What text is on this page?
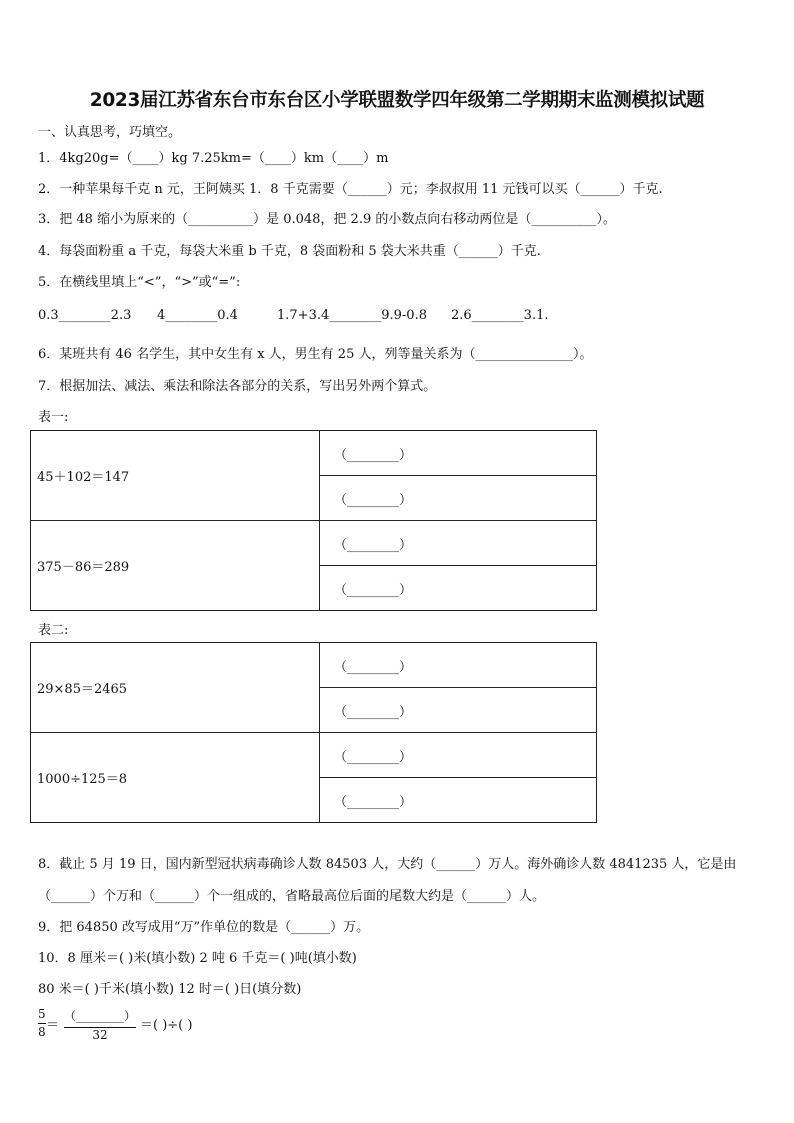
2023届江苏省东台市东台区小学联盟数学四年级第二学期期末监测模拟试题
一、认真思考，巧填空。
1．4kg20g=（____）kg 7.25km=（____）km（____）m
2．一种苹果每千克 n 元，王阿姨买 1．8 千克需要（______）元；李叔叔用 11 元钱可以买（______）千克.
3．把 48 缩小为原来的（__________）是 0.048，把 2.9 的小数点向右移动两位是（__________）。
4．每袋面粉重 a 千克，每袋大米重 b 千克，8 袋面粉和 5 袋大米共重（______）千克.
5．在横线里填上“<”，“>”或“=”:
0.3________2.3 4________0.4	1.7+3.4________9.9-0.8 2.6________3.1.
6．某班共有 46 名学生，其中女生有 x 人，男生有 25 人，列等量关系为（_______________）。
7．根据加法、减法、乘法和除法各部分的关系，写出另外两个算式。
表一:
45＋102＝147	（________）
	（________）
375－86＝289	（________）
	（________）
表二:
29×85＝2465	（________）
	（________）
1000÷125＝8	（________）
	（________）
8．截止 5 月 19 日，国内新型冠状病毒确诊人数 84503 人，大约（______）万人。海外确诊人数 4841235 人，它是由
（______）个万和（______）个一组成的，省略最高位后面的尾数大约是（______）人。
9．把 64850 改写成用“万”作单位的数是（______）万。
10．8 厘米＝( )米(填小数) 2 吨 6 千克＝( )吨(填小数)
80 米＝( )千米(填小数) 12 时＝( )日(填分数)
5
8 ＝
（________）
32
＝( )÷( )
